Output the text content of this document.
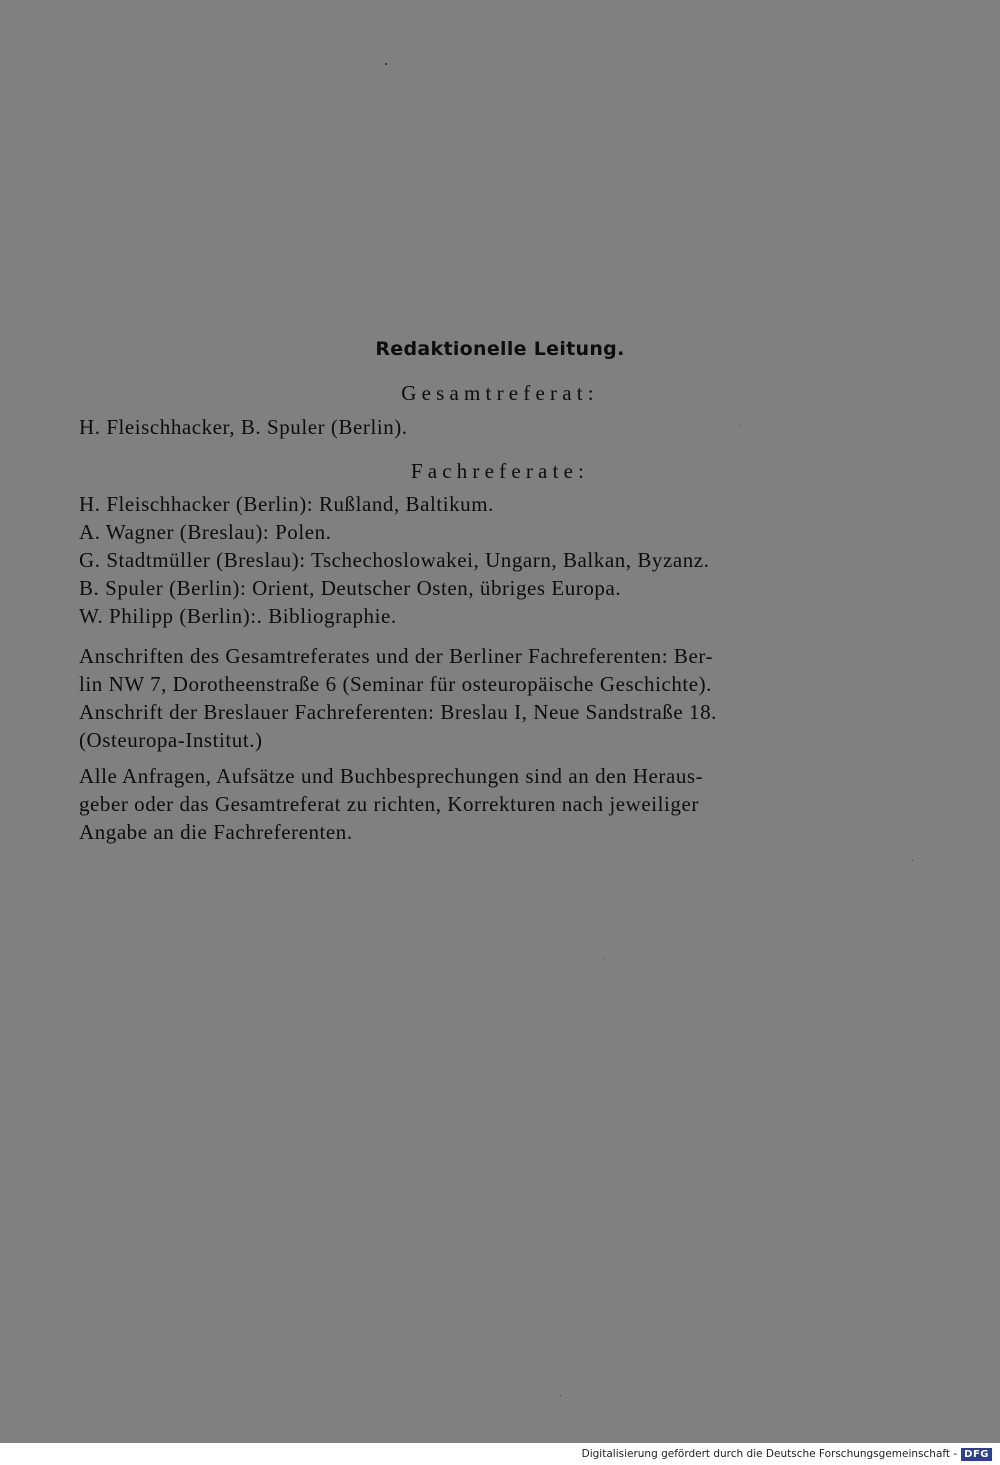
Redaktionelle Leitung.
Gesamtreferat:
H. Fleischhacker, B. Spuler (Berlin).
Fachreferate:
H. Fleischhacker (Berlin): Rußland, Baltikum.
A. Wagner (Breslau): Polen.
G. Stadtmüller (Breslau): Tschechoslowakei, Ungarn, Balkan, Byzanz.
B. Spuler (Berlin): Orient, Deutscher Osten, übriges Europa.
W. Philipp (Berlin):. Bibliographie.
Anschriften des Gesamtreferates und der Berliner Fachreferenten: Ber-
lin NW 7, Dorotheenstraße 6 (Seminar für osteuropäische Geschichte).
Anschrift der Breslauer Fachreferenten: Breslau I, Neue Sandstraße 18.
(Osteuropa-Institut.)
Alle Anfragen, Aufsätze und Buchbesprechungen sind an den Heraus-
geber oder das Gesamtreferat zu richten, Korrekturen nach jeweiliger
Angabe an die Fachreferenten.
Digitalisierung gefördert durch die Deutsche Forschungsgemeinschaft - DFG
